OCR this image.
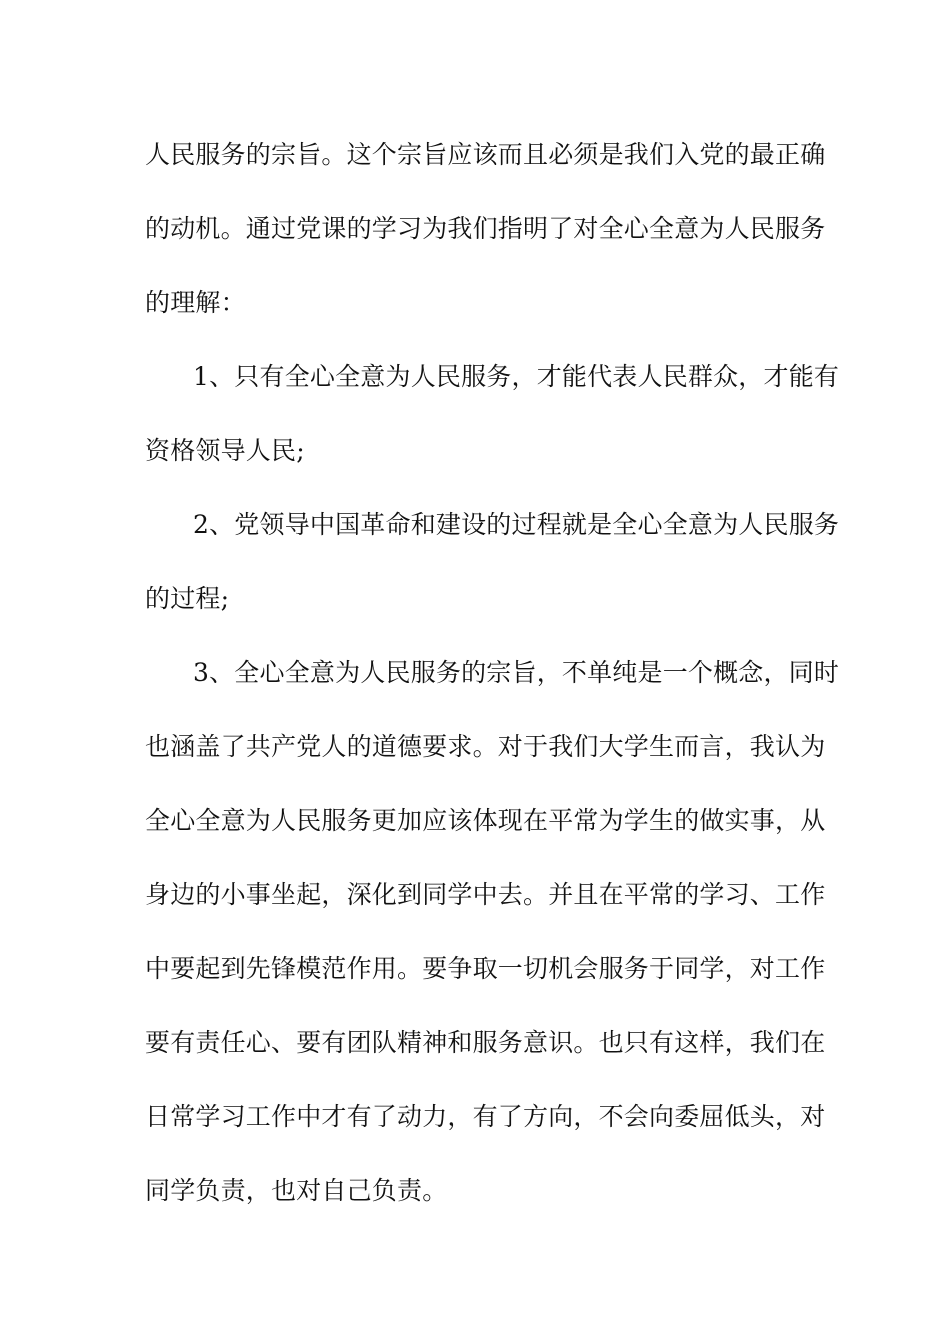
人民服务的宗旨。这个宗旨应该而且必须是我们入党的最正确
的动机。通过党课的学习为我们指明了对全心全意为人民服务
的理解：
1、只有全心全意为人民服务，才能代表人民群众，才能有
资格领导人民;
2、党领导中国革命和建设的过程就是全心全意为人民服务
的过程;
3、全心全意为人民服务的宗旨，不单纯是一个概念，同时
也涵盖了共产党人的道德要求。对于我们大学生而言，我认为
全心全意为人民服务更加应该体现在平常为学生的做实事，从
身边的小事坐起，深化到同学中去。并且在平常的学习、工作
中要起到先锋模范作用。要争取一切机会服务于同学，对工作
要有责任心、要有团队精神和服务意识。也只有这样，我们在
日常学习工作中才有了动力，有了方向，不会向委屈低头，对
同学负责，也对自己负责。
